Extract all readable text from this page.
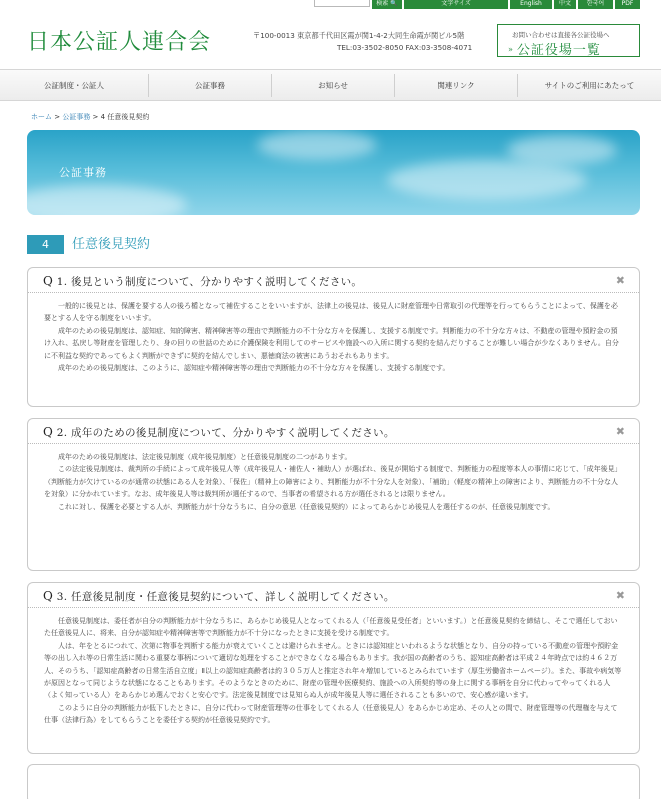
検索 🔍	文字サイズ	English	中文	한국어	PDF
日本公証人連合会	〒100-0013 東京都千代田区霞が関1-4-2大同生命霞が関ビル5階
TEL:03-3502-8050 FAX:03-3508-4071
お問い合わせは直接各公証役場へ
» 公証役場一覧
公証制度・公証人	公証事務	お知らせ	関連リンク	サイトのご利用にあたって
ホーム > 公証事務 > 4 任意後見契約
公証事務
4	任意後見契約
Q 1. 後見という制度について、分かりやすく説明してください。	✖

一般的に後見とは、保護を要する人の後ろ楯となって補佐することをいいますが、法律上の後見は、後見人に財産管理や日常取引の代理等を行ってもらうことによって、保護を必要とする人を守る制度をいいます。

成年のための後見制度は、認知症、知的障害、精神障害等の理由で判断能力の不十分な方々を保護し、支援する制度です。判断能力の不十分な方々は、不動産の管理や預貯金の預け入れ、払戻し等財産を管理したり、身の回りの世話のために介護保険を利用してのサービスや施設への入所に関する契約を結んだりすることが難しい場合が少なくありません。自分に不利益な契約であってもよく判断ができずに契約を結んでしまい、悪徳商法の被害にあうおそれもあります。

成年のための後見制度は、このように、認知症や精神障害等の理由で判断能力の不十分な方々を保護し、支援する制度です。

Q 2. 成年のための後見制度について、分かりやすく説明してください。	✖

成年のための後見制度は、法定後見制度（成年後見制度）と任意後見制度の二つがあります。

この法定後見制度は、裁判所の手続によって成年後見人等（成年後見人・補佐人・補助人）が選ばれ、後見が開始する制度で、判断能力の程度等本人の事情に応じて、「成年後見」（判断能力が欠けているのが通常の状態にある人を対象）、「保佐」（精神上の障害により、判断能力が不十分な人を対象）、「補助」（軽度の精神上の障害により、判断能力の不十分な人を対象）に分かれています。なお、成年後見人等は裁判所が選任するので、当事者の希望される方が選任されるとは限りません。

これに対し、保護を必要とする人が、判断能力が十分なうちに、自分の意思（任意後見契約）によってあらかじめ後見人を選任するのが、任意後見制度です。

Q 3. 任意後見制度・任意後見契約について、詳しく説明してください。	✖

任意後見制度は、委任者が自分の判断能力が十分なうちに、あらかじめ後見人となってくれる人（「任意後見受任者」といいます。）と任意後見契約を締結し、そこで選任しておいた任意後見人に、将来、自分が認知症や精神障害等で判断能力が不十分になったときに支援を受ける制度です。

人は、年をとるにつれて、次第に物事を判断する能力が衰えていくことは避けられません。ときには認知症といわれるような状態となり、自分の持っている不動産の管理や預貯金等の出し入れ等の日常生活に関わる重要な事柄について適切な処理をすることができなくなる場合もあります。我が国の高齢者のうち、認知症高齢者は平成２４年時点では約４６２万人、そのうち、「認知症高齢者の日常生活自立度」Ⅱ以上の認知症高齢者は約３０５万人と推定され年々増加しているとみられています（厚生労働省ホームページ）。また、事故や病気等が原因となって同じような状態になることもあります。そのようなときのために、財産の管理や医療契約、施設への入所契約等の身上に関する事柄を自分に代わってやってくれる人（よく知っている人）をあらかじめ選んでおくと安心です。法定後見制度では見知らぬ人が成年後見人等に選任されることも多いので、安心感が違います。

このように自分の判断能力が低下したときに、自分に代わって財産管理等の仕事をしてくれる人（任意後見人）をあらかじめ定め、その人との間で、財産管理等の代理権を与えて仕事（法律行為）をしてもらうことを委任する契約が任意後見契約です。
